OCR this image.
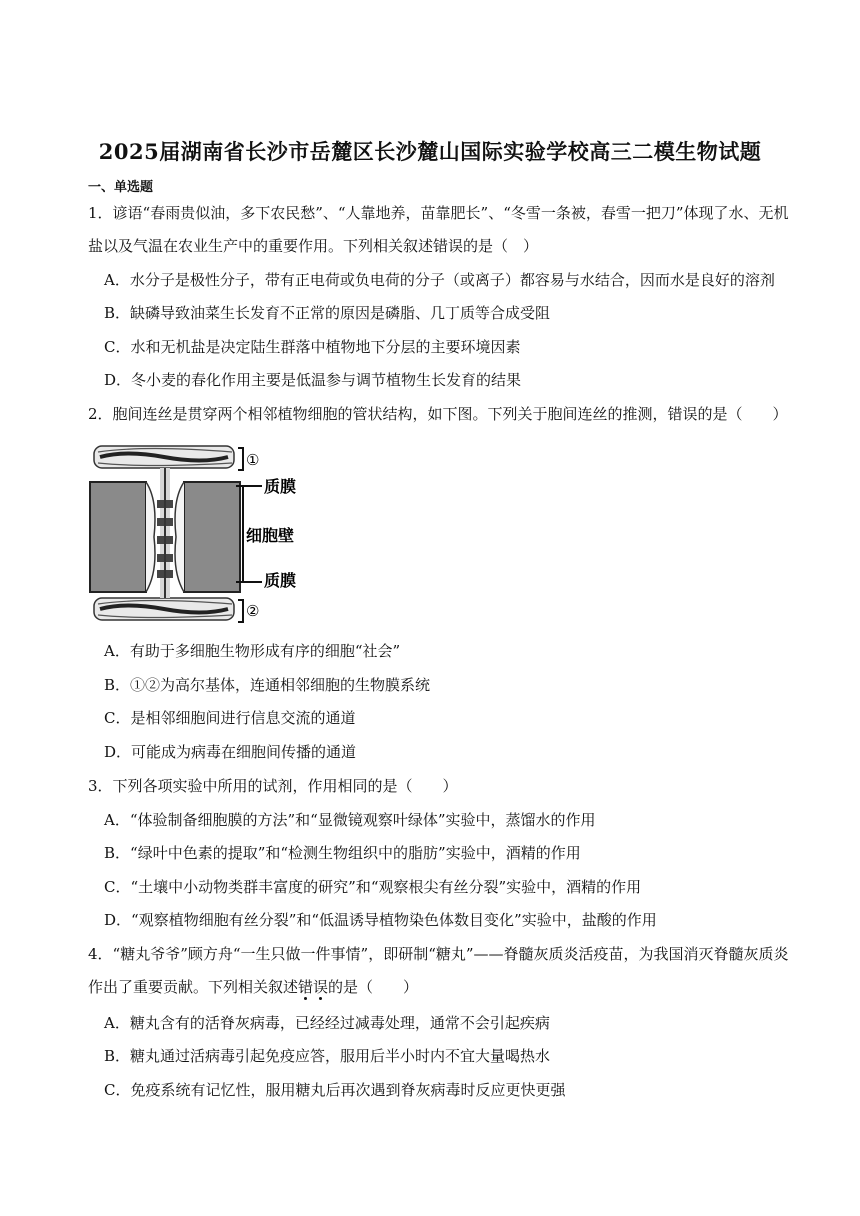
2025届湖南省长沙市岳麓区长沙麓山国际实验学校高三二模生物试题
一、单选题
1．谚语“春雨贵似油，多下农民愁”、“人靠地养，苗靠肥长”、“冬雪一条被，春雪一把刀”体现了水、无机
盐以及气温在农业生产中的重要作用。下列相关叙述错误的是（　）
A．水分子是极性分子，带有正电荷或负电荷的分子（或离子）都容易与水结合，因而水是良好的溶剂
B．缺磷导致油菜生长发育不正常的原因是磷脂、几丁质等合成受阻
C．水和无机盐是决定陆生群落中植物地下分层的主要环境因素
D．冬小麦的春化作用主要是低温参与调节植物生长发育的结果
2．胞间连丝是贯穿两个相邻植物细胞的管状结构，如下图。下列关于胞间连丝的推测，错误的是（　　）
①
质膜
细胞壁
质膜
②
A．有助于多细胞生物形成有序的细胞“社会”
B．①②为高尔基体，连通相邻细胞的生物膜系统
C．是相邻细胞间进行信息交流的通道
D．可能成为病毒在细胞间传播的通道
3．下列各项实验中所用的试剂，作用相同的是（　　）
A．“体验制备细胞膜的方法”和“显微镜观察叶绿体”实验中，蒸馏水的作用
B．“绿叶中色素的提取”和“检测生物组织中的脂肪”实验中，酒精的作用
C．“土壤中小动物类群丰富度的研究”和“观察根尖有丝分裂”实验中，酒精的作用
D．“观察植物细胞有丝分裂”和“低温诱导植物染色体数目变化”实验中，盐酸的作用
4．“糖丸爷爷”顾方舟“一生只做一件事情”，即研制“糖丸”——脊髓灰质炎活疫苗，为我国消灭脊髓灰质炎
作出了重要贡献。下列相关叙述错误的是（　　）
A．糖丸含有的活脊灰病毒，已经经过减毒处理，通常不会引起疾病
B．糖丸通过活病毒引起免疫应答，服用后半小时内不宜大量喝热水
C．免疫系统有记忆性，服用糖丸后再次遇到脊灰病毒时反应更快更强
